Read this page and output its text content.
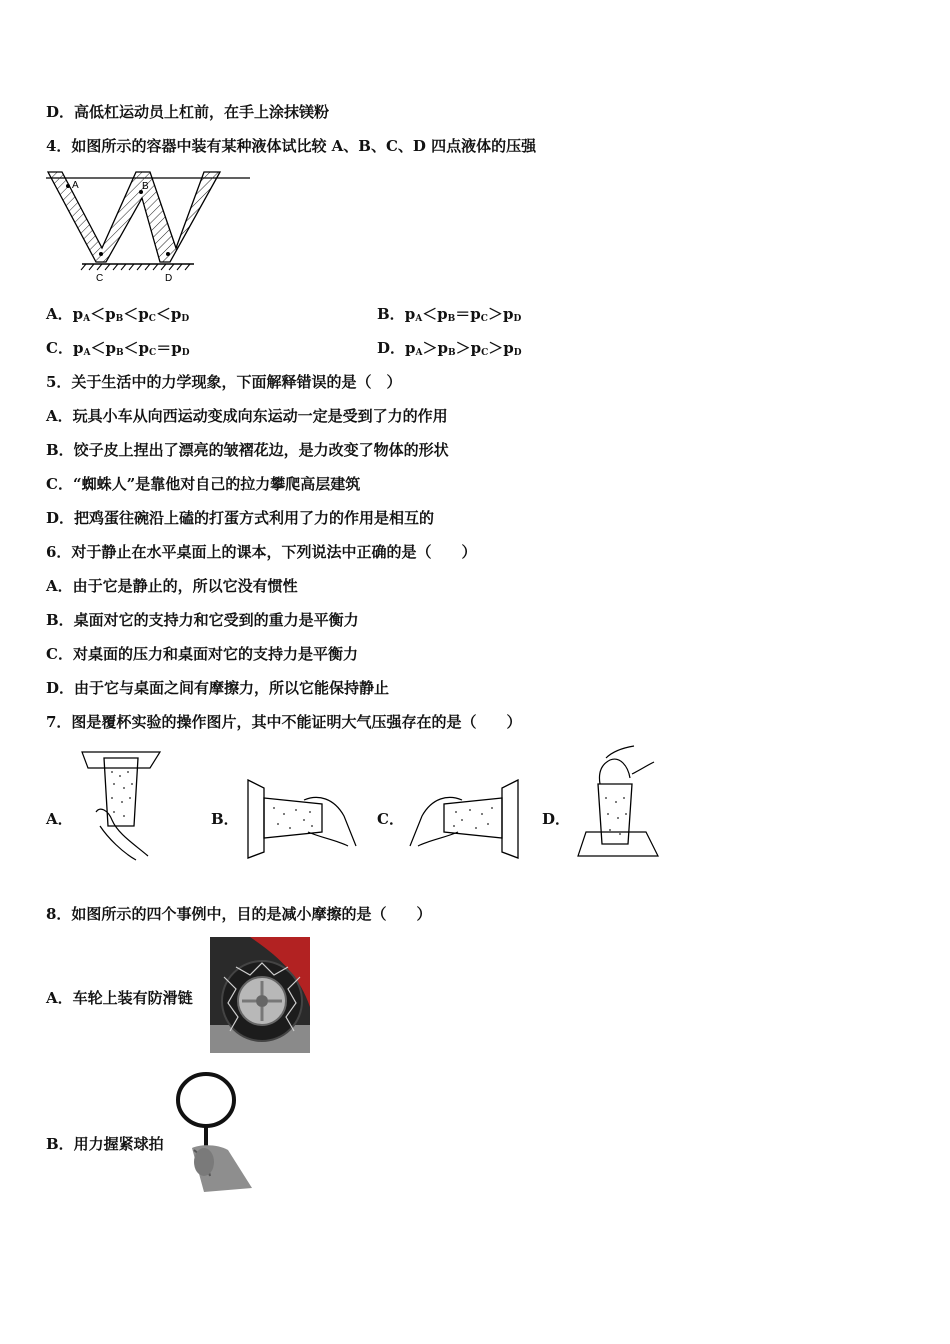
D．高低杠运动员上杠前，在手上涂抹镁粉
4．如图所示的容器中装有某种液体试比较 A、B、C、D 四点液体的压强
A	B
C	D
A．$p_A<p_B<p_C<p_D$	B．$p_A<p_B=p_C>p_D$
C．$p_A<p_B<p_C=p_D$	D．$p_A>p_B>p_C>p_D$
5．关于生活中的力学现象，下面解释错误的是（　）
A．玩具小车从向西运动变成向东运动一定是受到了力的作用
B．饺子皮上捏出了漂亮的皱褶花边，是力改变了物体的形状
C．“蜘蛛人”是靠他对自己的拉力攀爬高层建筑
D．把鸡蛋往碗沿上磕的打蛋方式利用了力的作用是相互的
6．对于静止在水平桌面上的课本，下列说法中正确的是（　　）
A．由于它是静止的，所以它没有惯性
B．桌面对它的支持力和它受到的重力是平衡力
C．对桌面的压力和桌面对它的支持力是平衡力
D．由于它与桌面之间有摩擦力，所以它能保持静止
7．图是覆杯实验的操作图片，其中不能证明大气压强存在的是（　　）
A．	B．	C．	D．
8．如图所示的四个事例中，目的是减小摩擦的是（　　）
A．车轮上装有防滑链
B．用力握紧球拍
